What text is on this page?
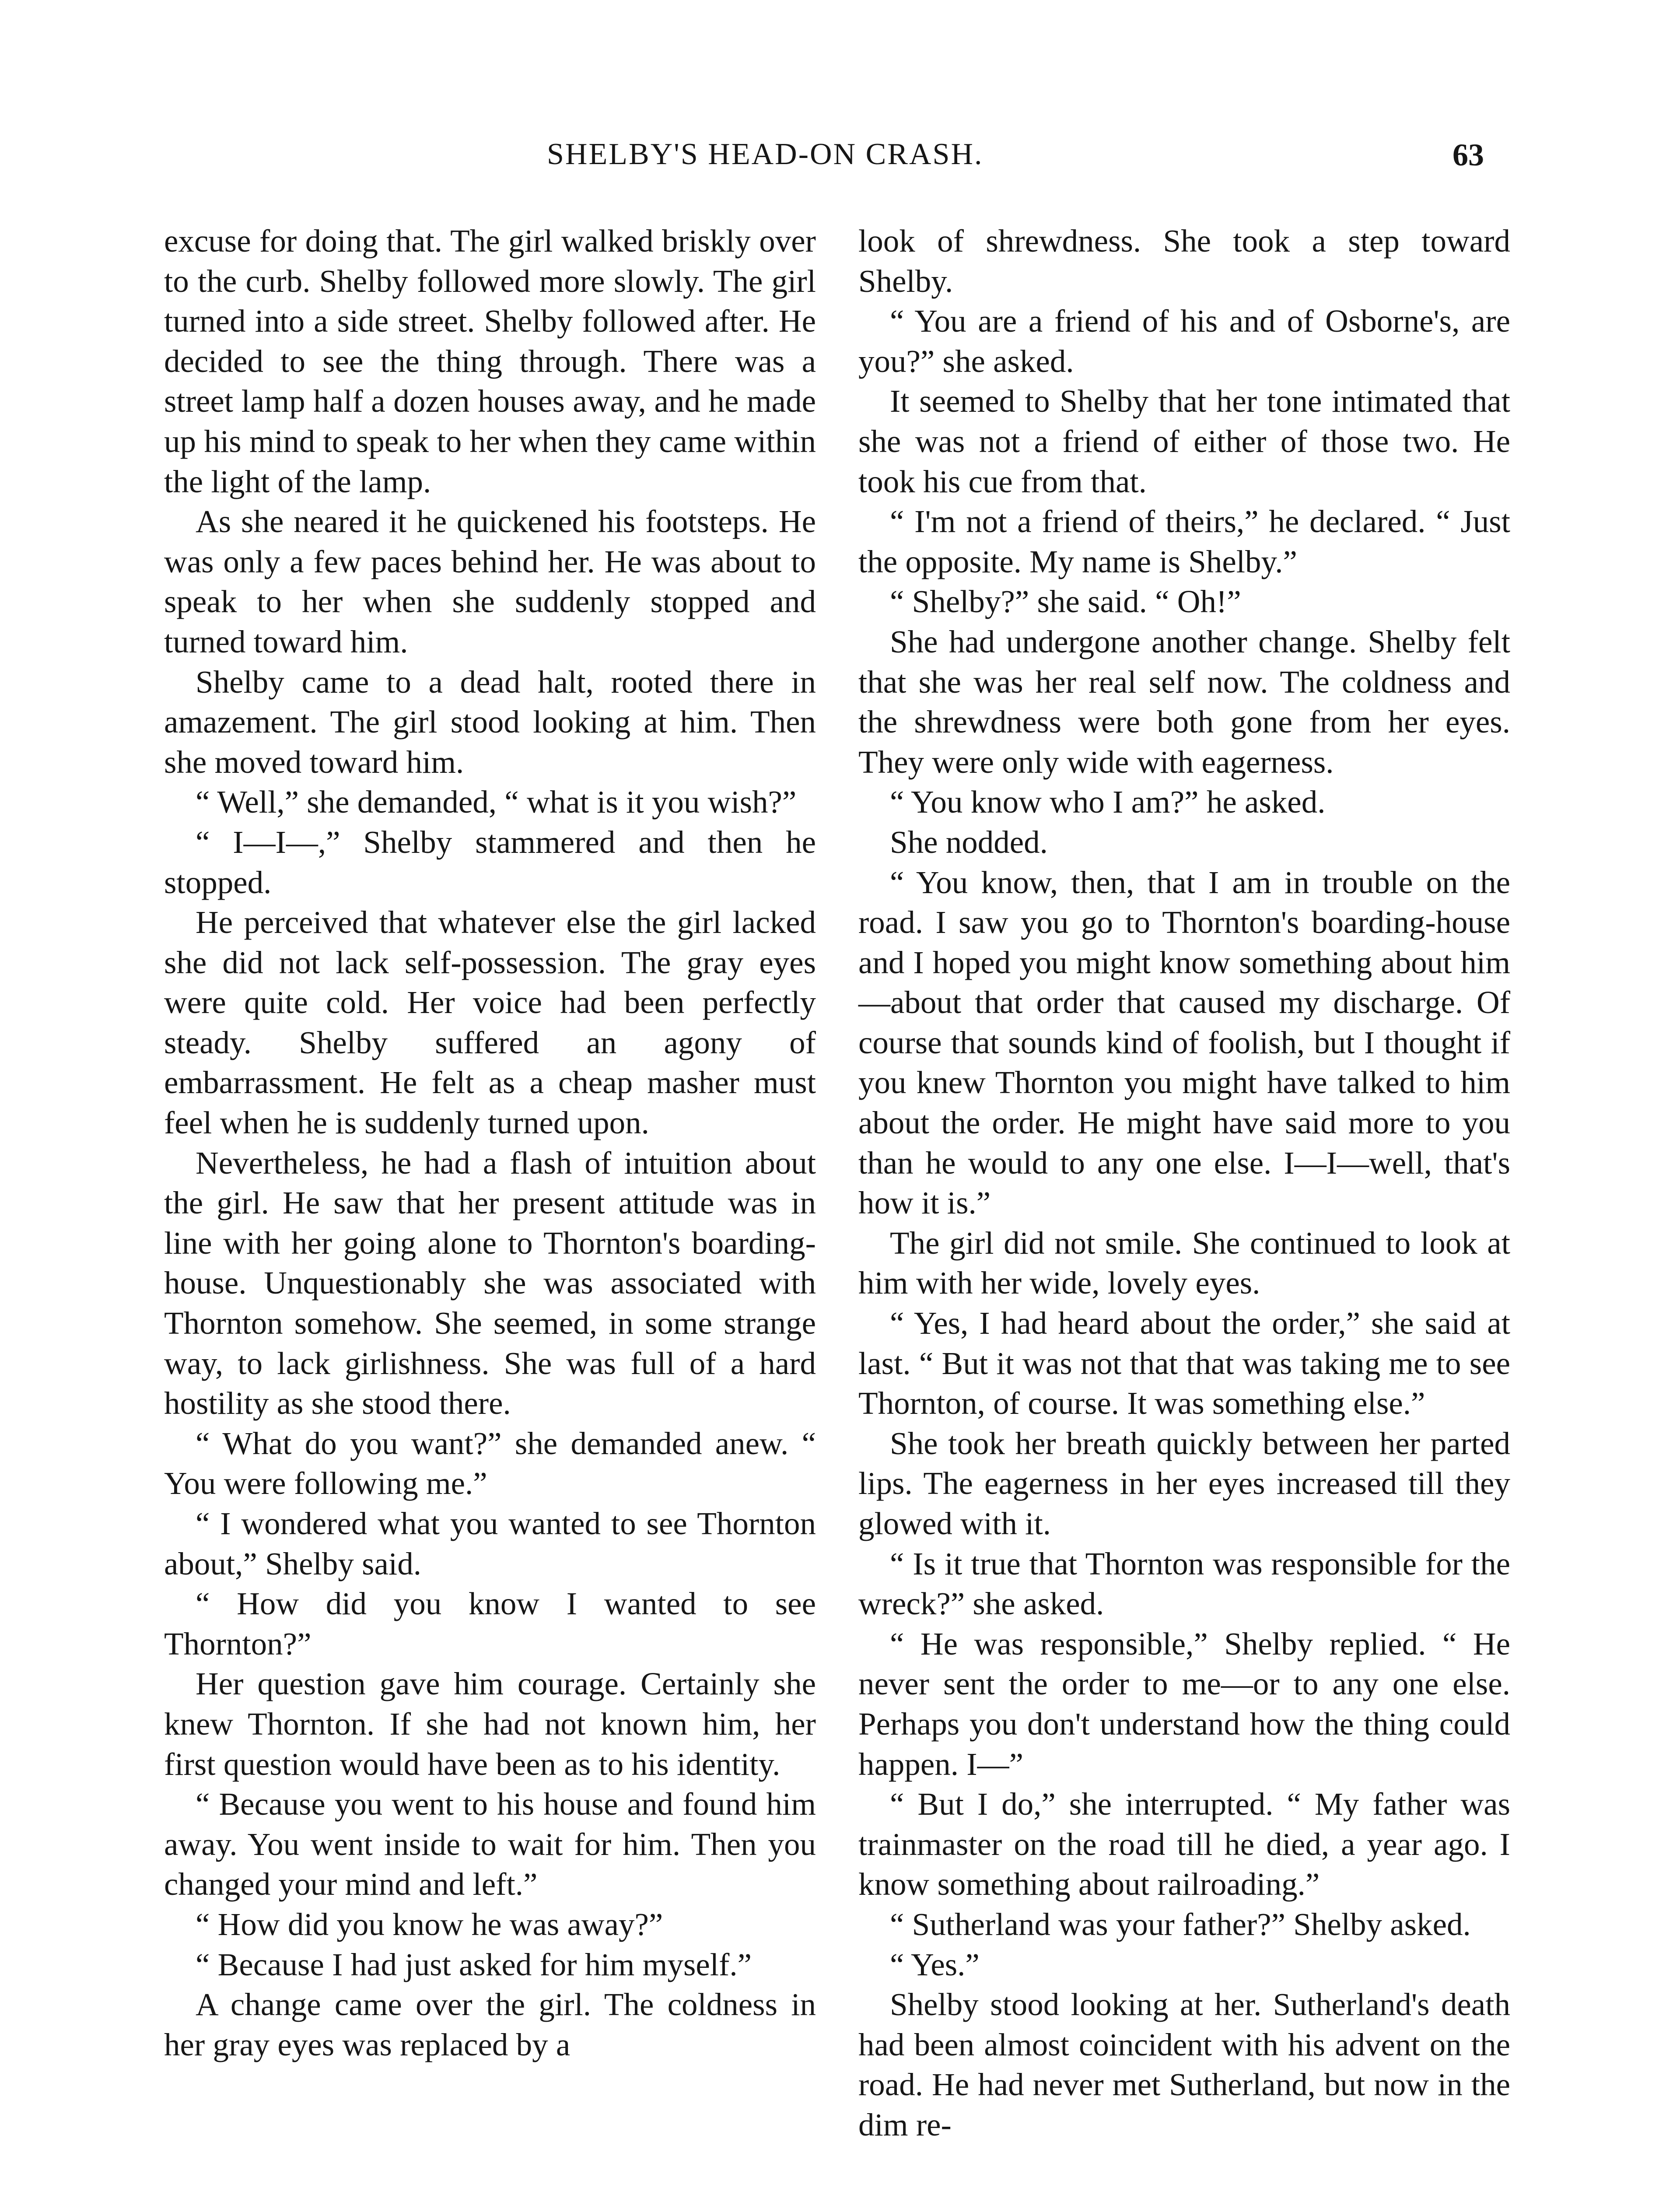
SHELBY'S HEAD-ON CRASH.	63

excuse for doing that. The girl walked briskly over to the curb. Shelby followed more slowly. The girl turned into a side street. Shelby followed after. He decided to see the thing through. There was a street lamp half a dozen houses away, and he made up his mind to speak to her when they came within the light of the lamp.

As she neared it he quickened his footsteps. He was only a few paces behind her. He was about to speak to her when she suddenly stopped and turned toward him.

Shelby came to a dead halt, rooted there in amazement. The girl stood looking at him. Then she moved toward him.

“ Well,” she demanded, “ what is it you wish?”

“ I—I—,” Shelby stammered and then he stopped.

He perceived that whatever else the girl lacked she did not lack self-possession. The gray eyes were quite cold. Her voice had been perfectly steady. Shelby suffered an agony of embarrassment. He felt as a cheap masher must feel when he is suddenly turned upon.

Nevertheless, he had a flash of intuition about the girl. He saw that her present attitude was in line with her going alone to Thornton's boarding-house. Unquestionably she was associated with Thornton somehow. She seemed, in some strange way, to lack girlishness. She was full of a hard hostility as she stood there.

“ What do you want?” she demanded anew. “ You were following me.”

“ I wondered what you wanted to see Thornton about,” Shelby said.

“ How did you know I wanted to see Thornton?”

Her question gave him courage. Certainly she knew Thornton. If she had not known him, her first question would have been as to his identity.

“ Because you went to his house and found him away. You went inside to wait for him. Then you changed your mind and left.”

“ How did you know he was away?”

“ Because I had just asked for him myself.”

A change came over the girl. The coldness in her gray eyes was replaced by a

look of shrewdness. She took a step toward Shelby.

“ You are a friend of his and of Osborne's, are you?” she asked.

It seemed to Shelby that her tone intimated that she was not a friend of either of those two. He took his cue from that.

“ I'm not a friend of theirs,” he declared. “ Just the opposite. My name is Shelby.”

“ Shelby?” she said. “ Oh!”

She had undergone another change. Shelby felt that she was her real self now. The coldness and the shrewdness were both gone from her eyes. They were only wide with eagerness.

“ You know who I am?” he asked.

She nodded.

“ You know, then, that I am in trouble on the road. I saw you go to Thornton's boarding-house and I hoped you might know something about him—about that order that caused my discharge. Of course that sounds kind of foolish, but I thought if you knew Thornton you might have talked to him about the order. He might have said more to you than he would to any one else. I—I—well, that's how it is.”

The girl did not smile. She continued to look at him with her wide, lovely eyes.

“ Yes, I had heard about the order,” she said at last. “ But it was not that that was taking me to see Thornton, of course. It was something else.”

She took her breath quickly between her parted lips. The eagerness in her eyes increased till they glowed with it.

“ Is it true that Thornton was responsible for the wreck?” she asked.

“ He was responsible,” Shelby replied. “ He never sent the order to me—or to any one else. Perhaps you don't understand how the thing could happen. I—”

“ But I do,” she interrupted. “ My father was trainmaster on the road till he died, a year ago. I know something about railroading.”

“ Sutherland was your father?” Shelby asked.

“ Yes.”

Shelby stood looking at her. Sutherland's death had been almost coincident with his advent on the road. He had never met Sutherland, but now in the dim re-
